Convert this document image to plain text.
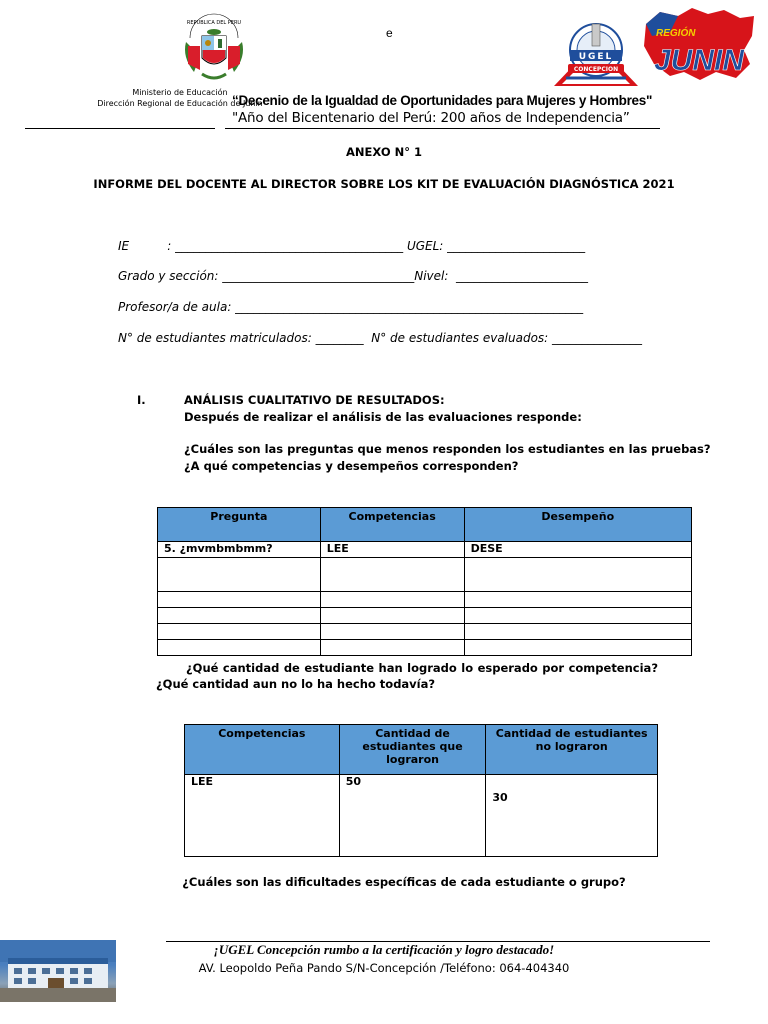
REPUBLICA DEL PERU
e
UGEL
CONCEPCION
REGIÓN
JUNIN
Ministerio de Educación
Dirección Regional de Educación de Junín
“Decenio de la Igualdad de Oportunidades para Mujeres y Hombres"
"Año del Bicentenario del Perú: 200 años de Independencia”
ANEXO N° 1
INFORME DEL DOCENTE AL DIRECTOR SOBRE LOS KIT DE EVALUACIÓN DIAGNÓSTICA 2021
IE          : ______________________________________ UGEL: _______________________
Grado y sección: ________________________________Nivel:  ______________________
Profesor/a de aula: __________________________________________________________
N° de estudiantes matriculados: ________  N° de estudiantes evaluados: _______________
I.	ANÁLISIS CUALITATIVO DE RESULTADOS:
Después de realizar el análisis de las evaluaciones responde:
¿Cuáles son las preguntas que menos responden los estudiantes en las pruebas?
¿A qué competencias y desempeños corresponden?
Pregunta	Competencias	Desempeño
5. ¿mvmbmbmm?	LEE	DESE

¿Qué cantidad de estudiante han logrado lo esperado por competencia? ¿Qué cantidad aun no lo ha hecho todavía?
Competencias	Cantidad de estudiantes que lograron	Cantidad de estudiantes no lograron
LEE	50	30
¿Cuáles son las dificultades específicas de cada estudiante o grupo?
¡UGEL Concepción rumbo a la certificación y logro destacado!
AV. Leopoldo Peña Pando S/N-Concepción /Teléfono: 064-404340
